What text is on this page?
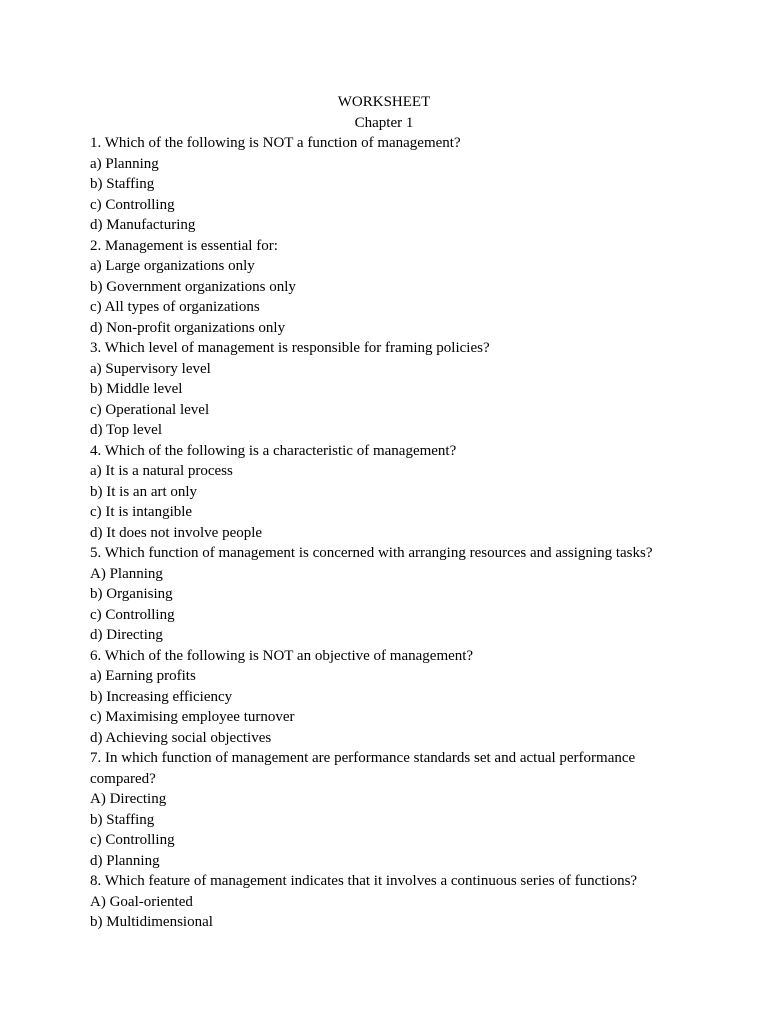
WORKSHEET
Chapter 1
1. Which of the following is NOT a function of management?
a) Planning
b) Staffing
c) Controlling
d) Manufacturing
2. Management is essential for:
a) Large organizations only
b) Government organizations only
c) All types of organizations
d) Non-profit organizations only
3. Which level of management is responsible for framing policies?
a) Supervisory level
b) Middle level
c) Operational level
d) Top level
4. Which of the following is a characteristic of management?
a) It is a natural process
b) It is an art only
c) It is intangible
d) It does not involve people
5. Which function of management is concerned with arranging resources and assigning tasks?
A) Planning
b) Organising
c) Controlling
d) Directing
6. Which of the following is NOT an objective of management?
a) Earning profits
b) Increasing efficiency
c) Maximising employee turnover
d) Achieving social objectives
7. In which function of management are performance standards set and actual performance compared?
A) Directing
b) Staffing
c) Controlling
d) Planning
8. Which feature of management indicates that it involves a continuous series of functions?
A) Goal-oriented
b) Multidimensional
